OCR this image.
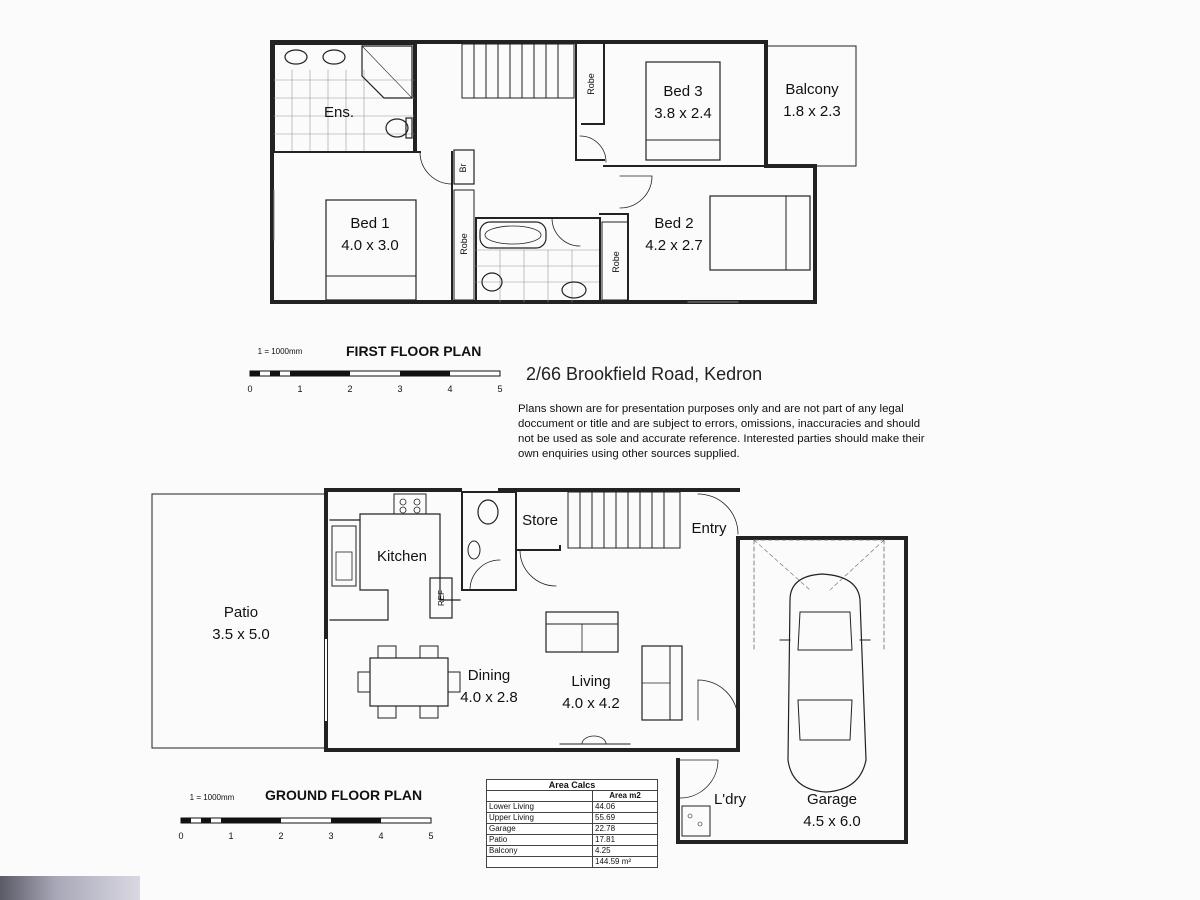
Ens.
Bed 3
3.8 x 2.4
Balcony
1.8 x 2.3
Bed 1
4.0 x 3.0
Bed 2
4.2 x 2.7
Robe
Robe
Robe
Br
1 = 1000mm	FIRST FLOOR PLAN
0	1	2	3	4	5
2/66 Brookfield Road, Kedron
Patio
3.5 x 5.0
Kitchen
REF
Store	Entry
Dining
4.0 x 2.8
Living
4.0 x 4.2
L'dry	Garage
4.5 x 6.0
1 = 1000mm GROUND FLOOR PLAN
0	1	2	3	4	5

Plans shown are for presentation purposes only and are not part of any legal doccument or title and are subject to errors, omissions, inaccuracies and should not be used as sole and accurate reference. Interested parties should make their own enquiries using other sources supplied.

Area Calcs	
	Area m2
Lower Living	44.06
Upper Living	55.69
Garage	22.78
Patio	17.81
Balcony	4.25
	144.59 m²
